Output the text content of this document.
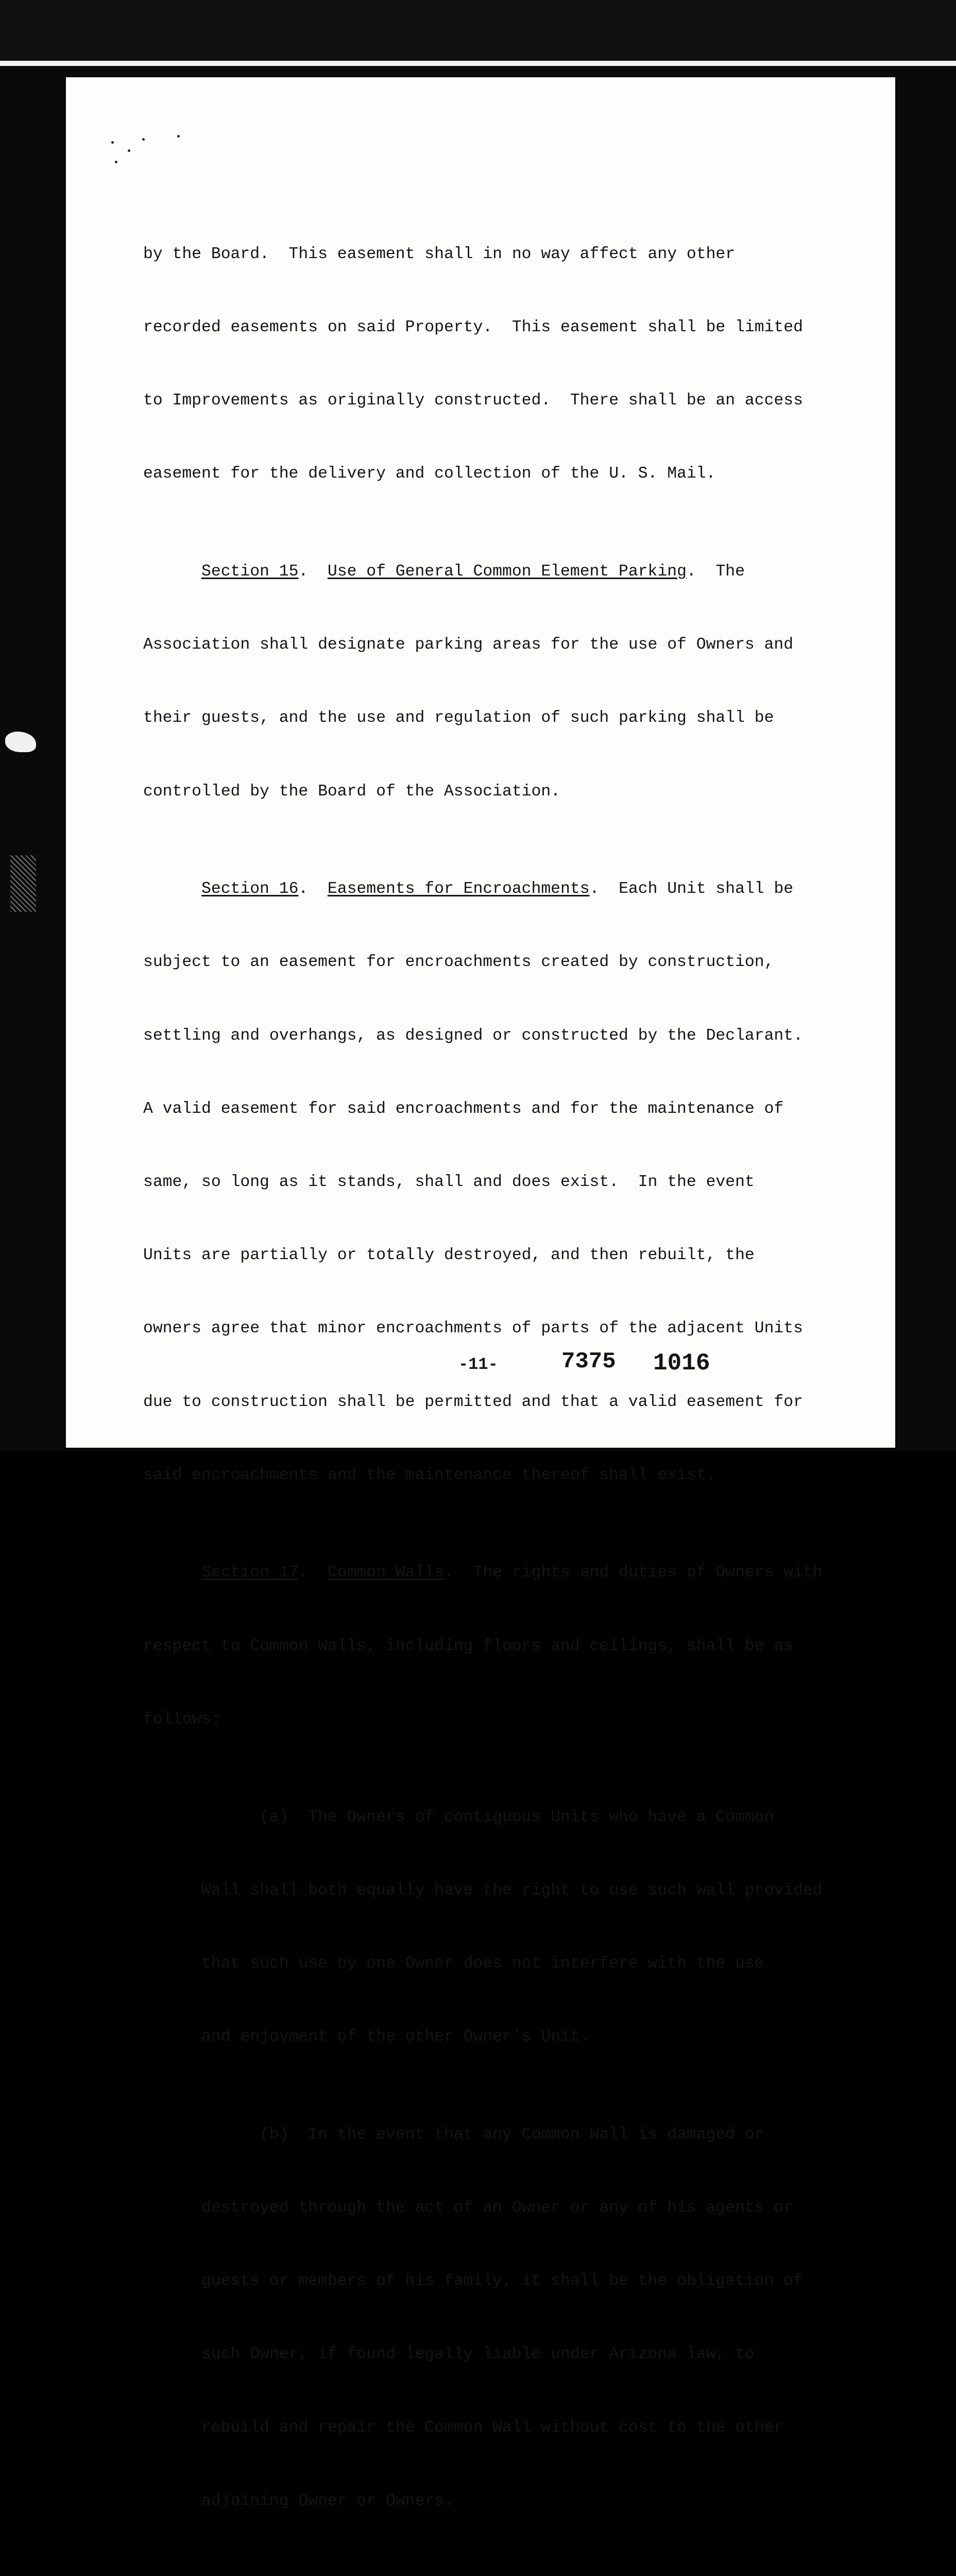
by the Board.  This easement shall in no way affect any other

recorded easements on said Property.  This easement shall be limited

to Improvements as originally constructed.  There shall be an access

easement for the delivery and collection of the U. S. Mail.

Section 15.  Use of General Common Element Parking.  The

Association shall designate parking areas for the use of Owners and

their guests, and the use and regulation of such parking shall be

controlled by the Board of the Association.

Section 16.  Easements for Encroachments.  Each Unit shall be

subject to an easement for encroachments created by construction,

settling and overhangs, as designed or constructed by the Declarant.

A valid easement for said encroachments and for the maintenance of

same, so long as it stands, shall and does exist.  In the event

Units are partially or totally destroyed, and then rebuilt, the

owners agree that minor encroachments of parts of the adjacent Units

due to construction shall be permitted and that a valid easement for

said encroachments and the maintenance thereof shall exist.

Section 17.  Common Walls.  The rights and duties of Owners with

respect to Common Walls, including floors and ceilings, shall be as

follows:

(a)  The Owners of contiguous Units who have a Common

Wall shall both equally have the right to use such wall provided

that such use by one Owner does not interfere with the use

and enjoyment of the other Owner's Unit.

(b)  In the event that any Common Wall is damaged or

destroyed through the act of an Owner or any of his agents or

guests or members of his family, it shall be the obligation of

such Owner, if found legally liable under Arizona law, to

rebuild and repair the Common Wall without cost to the other

adjoining Owner or Owners.

-11-	7375 1016
